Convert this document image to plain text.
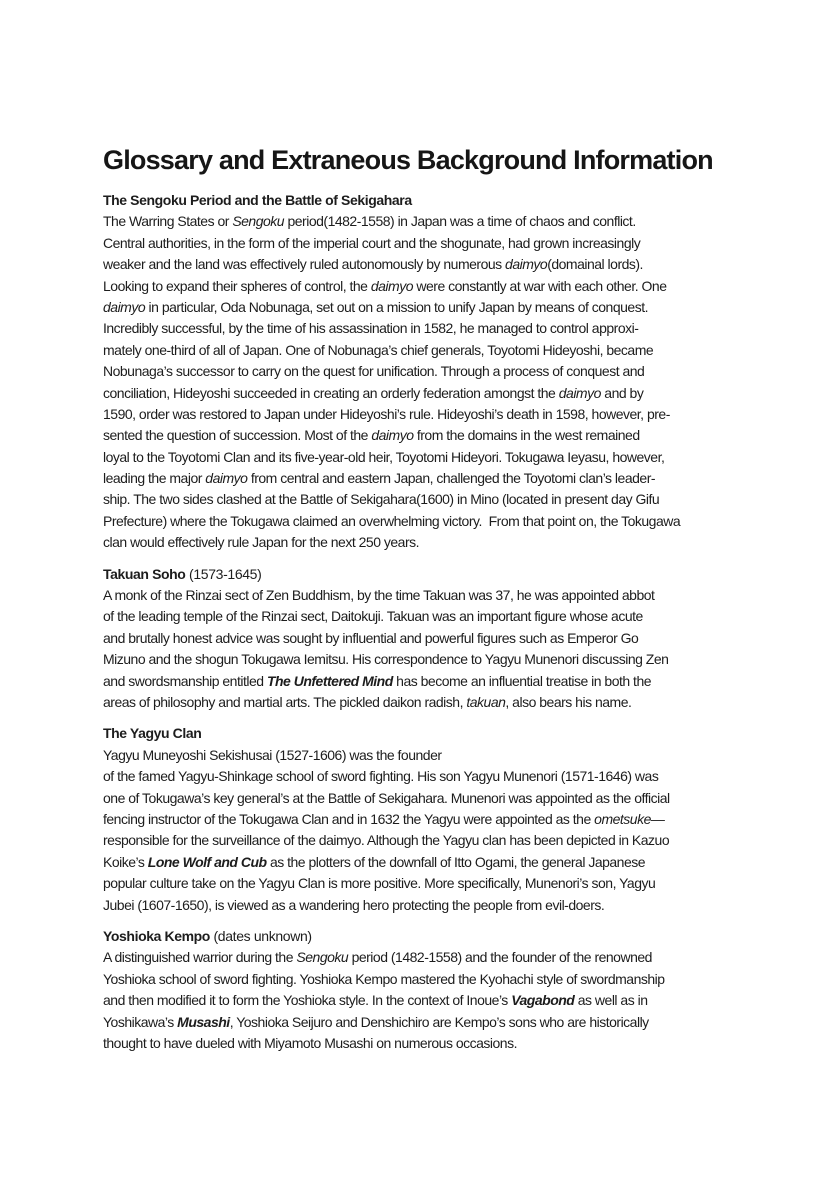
Glossary and Extraneous Background Information
The Sengoku Period and the Battle of Sekigahara

The Warring States or Sengoku period(1482-1558) in Japan was a time of chaos and conflict.
Central authorities, in the form of the imperial court and the shogunate, had grown increasingly
weaker and the land was effectively ruled autonomously by numerous daimyo(domainal lords).
Looking to expand their spheres of control, the daimyo were constantly at war with each other. One
daimyo in particular, Oda Nobunaga, set out on a mission to unify Japan by means of conquest.
Incredibly successful, by the time of his assassination in 1582, he managed to control approxi-
mately one-third of all of Japan. One of Nobunaga’s chief generals, Toyotomi Hideyoshi, became
Nobunaga’s successor to carry on the quest for unification. Through a process of conquest and
conciliation, Hideyoshi succeeded in creating an orderly federation amongst the daimyo and by
1590, order was restored to Japan under Hideyoshi’s rule. Hideyoshi’s death in 1598, however, pre-
sented the question of succession. Most of the daimyo from the domains in the west remained
loyal to the Toyotomi Clan and its five-year-old heir, Toyotomi Hideyori. Tokugawa Ieyasu, however,
leading the major daimyo from central and eastern Japan, challenged the Toyotomi clan’s leader-
ship. The two sides clashed at the Battle of Sekigahara(1600) in Mino (located in present day Gifu
Prefecture) where the Tokugawa claimed an overwhelming victory.  From that point on, the Tokugawa
clan would effectively rule Japan for the next 250 years.

Takuan Soho (1573-1645)

A monk of the Rinzai sect of Zen Buddhism, by the time Takuan was 37, he was appointed abbot
of the leading temple of the Rinzai sect, Daitokuji. Takuan was an important figure whose acute
and brutally honest advice was sought by influential and powerful figures such as Emperor Go
Mizuno and the shogun Tokugawa Iemitsu. His correspondence to Yagyu Munenori discussing Zen
and swordsmanship entitled The Unfettered Mind has become an influential treatise in both the
areas of philosophy and martial arts. The pickled daikon radish, takuan, also bears his name.

The Yagyu Clan

Yagyu Muneyoshi Sekishusai (1527-1606) was the founder
of the famed Yagyu-Shinkage school of sword fighting. His son Yagyu Munenori (1571-1646) was
one of Tokugawa’s key general’s at the Battle of Sekigahara. Munenori was appointed as the official
fencing instructor of the Tokugawa Clan and in 1632 the Yagyu were appointed as the ometsuke—
responsible for the surveillance of the daimyo. Although the Yagyu clan has been depicted in Kazuo
Koike’s Lone Wolf and Cub as the plotters of the downfall of Itto Ogami, the general Japanese
popular culture take on the Yagyu Clan is more positive. More specifically, Munenori’s son, Yagyu
Jubei (1607-1650), is viewed as a wandering hero protecting the people from evil-doers.

Yoshioka Kempo (dates unknown)

A distinguished warrior during the Sengoku period (1482-1558) and the founder of the renowned
Yoshioka school of sword fighting. Yoshioka Kempo mastered the Kyohachi style of swordmanship
and then modified it to form the Yoshioka style. In the context of Inoue’s Vagabond as well as in
Yoshikawa’s Musashi, Yoshioka Seijuro and Denshichiro are Kempo’s sons who are historically
thought to have dueled with Miyamoto Musashi on numerous occasions.
